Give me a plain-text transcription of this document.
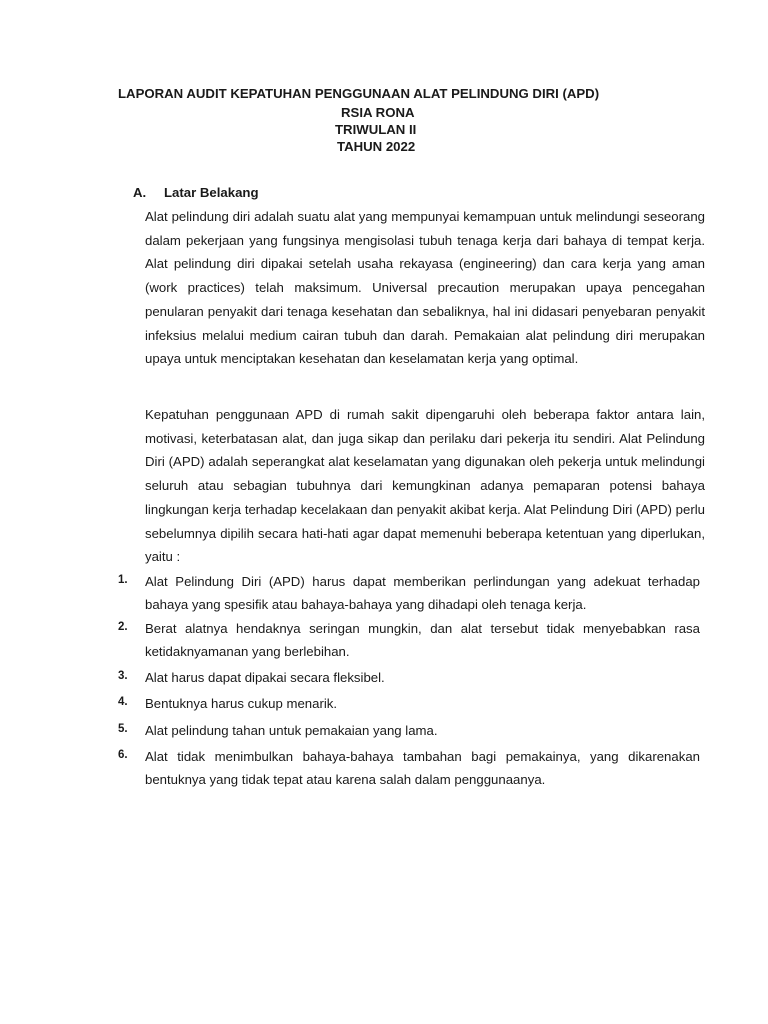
LAPORAN AUDIT KEPATUHAN PENGGUNAAN ALAT PELINDUNG DIRI (APD)
RSIA RONA
TRIWULAN II
TAHUN 2022
A. Latar Belakang

Alat pelindung diri adalah suatu alat yang mempunyai kemampuan untuk melindungi seseorang dalam pekerjaan yang fungsinya mengisolasi tubuh tenaga kerja dari bahaya di tempat kerja. Alat pelindung diri dipakai setelah usaha rekayasa (engineering) dan cara kerja yang aman (work practices) telah maksimum. Universal precaution merupakan upaya pencegahan penularan penyakit dari tenaga kesehatan dan sebaliknya, hal ini didasari penyebaran penyakit infeksius melalui medium cairan tubuh dan darah. Pemakaian alat pelindung diri merupakan upaya untuk menciptakan kesehatan dan keselamatan kerja yang optimal.

Kepatuhan penggunaan APD di rumah sakit dipengaruhi oleh beberapa faktor antara lain, motivasi, keterbatasan alat, dan juga sikap dan perilaku dari pekerja itu sendiri. Alat Pelindung Diri (APD) adalah seperangkat alat keselamatan yang digunakan oleh pekerja untuk melindungi seluruh atau sebagian tubuhnya dari kemungkinan adanya pemaparan potensi bahaya lingkungan kerja terhadap kecelakaan dan penyakit akibat kerja. Alat Pelindung Diri (APD) perlu sebelumnya dipilih secara hati-hati agar dapat memenuhi beberapa ketentuan yang diperlukan, yaitu :

1. Alat Pelindung Diri (APD) harus dapat memberikan perlindungan yang adekuat terhadap bahaya yang spesifik atau bahaya-bahaya yang dihadapi oleh tenaga kerja.
2. Berat alatnya hendaknya seringan mungkin, dan alat tersebut tidak menyebabkan rasa ketidaknyamanan yang berlebihan.
3. Alat harus dapat dipakai secara fleksibel.
4. Bentuknya harus cukup menarik.
5. Alat pelindung tahan untuk pemakaian yang lama.
6. Alat tidak menimbulkan bahaya-bahaya tambahan bagi pemakainya, yang dikarenakan bentuknya yang tidak tepat atau karena salah dalam penggunaanya.
